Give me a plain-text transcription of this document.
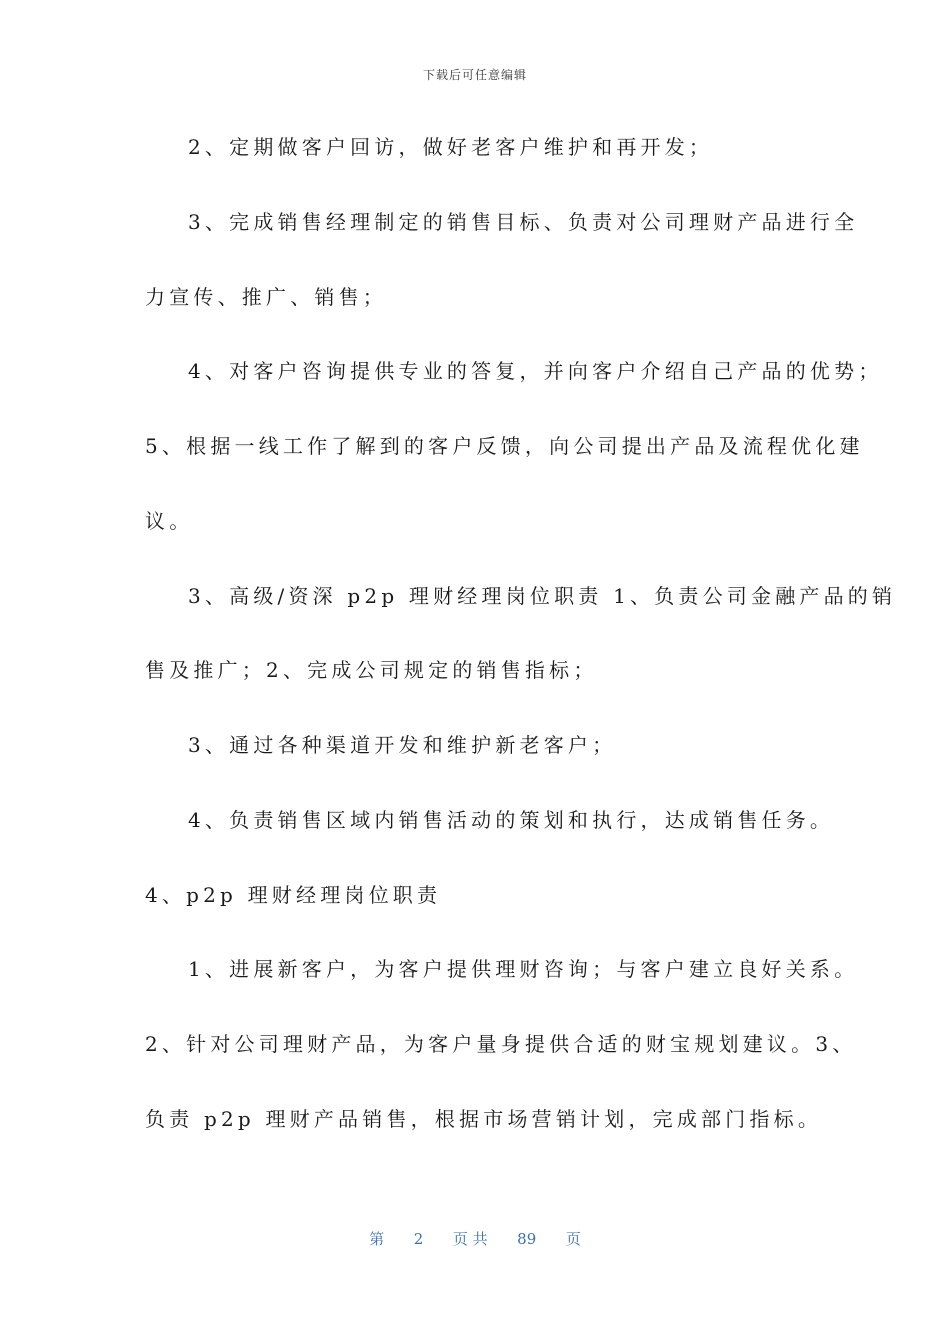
下载后可任意编辑
2、定期做客户回访，做好老客户维护和再开发；
3、完成销售经理制定的销售目标、负责对公司理财产品进行全
力宣传、推广、销售；
4、对客户咨询提供专业的答复，并向客户介绍自己产品的优势；
5、根据一线工作了解到的客户反馈，向公司提出产品及流程优化建
议。
3、高级/资深 p2p 理财经理岗位职责 1、负责公司金融产品的销
售及推广；2、完成公司规定的销售指标；
3、通过各种渠道开发和维护新老客户；
4、负责销售区域内销售活动的策划和执行，达成销售任务。
4、p2p 理财经理岗位职责
1、进展新客户，为客户提供理财咨询；与客户建立良好关系。
2、针对公司理财产品，为客户量身提供合适的财宝规划建议。3、
负责 p2p 理财产品销售，根据市场营销计划，完成部门指标。
第 2 页 共 89 页
